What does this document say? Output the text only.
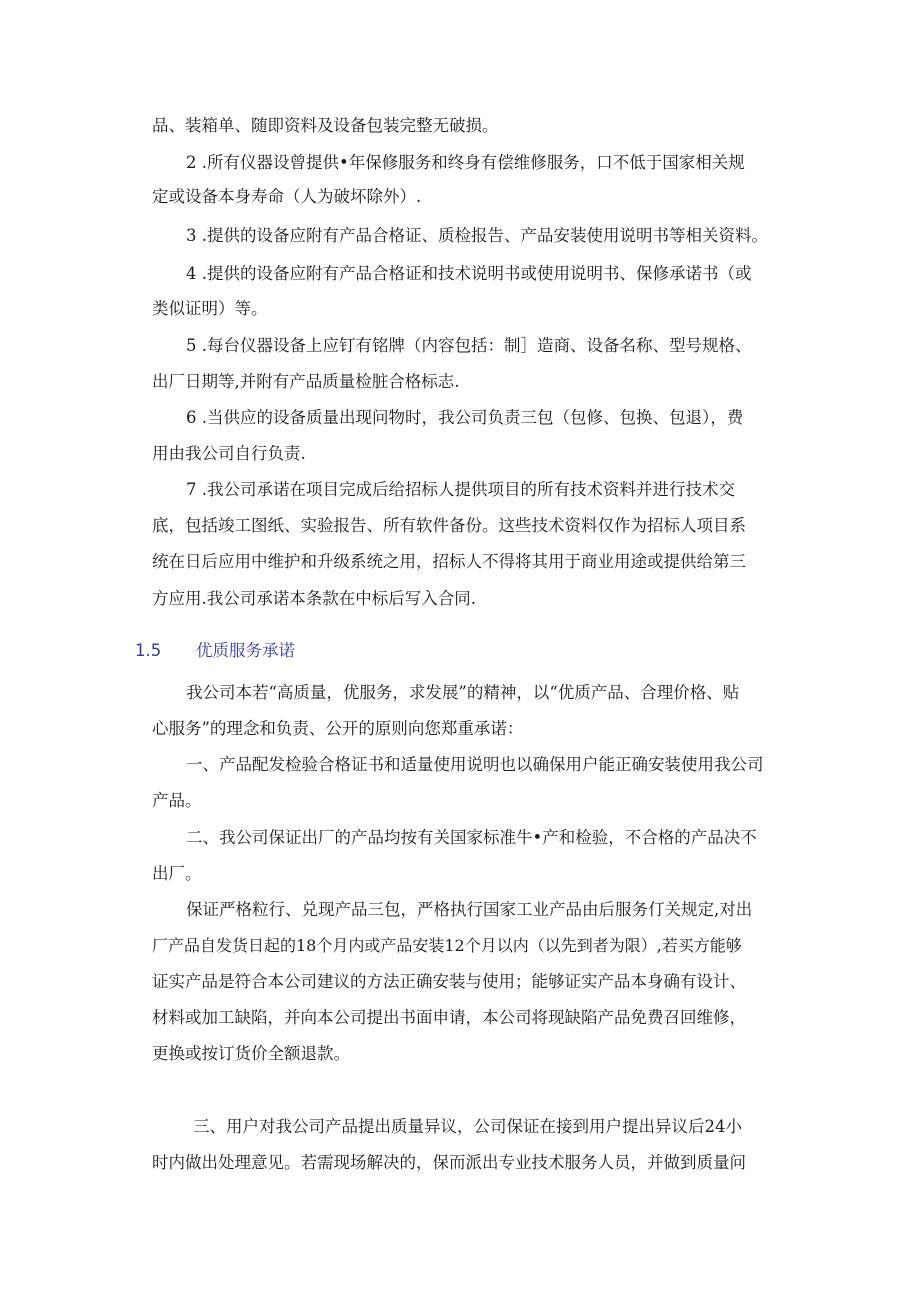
品、装箱单、随即资料及设备包装完整无破损。
2 .所有仪器设曾提供•年保修服务和终身有偿维修服务，口不低于国家相关规
定或设备本身寿命（人为破坏除外）.
3 .提供的设备应附有产品合格证、质检报告、产品安装使用说明书等相关资料。
4 .提供的设备应附有产品合格证和技术说明书或使用说明书、保修承诺书（或
类似证明）等。
5 .每台仪器设备上应钉有铭牌（内容包括：制］造商、设备名称、型号规格、
出厂日期等,并附有产品质量检脏合格标志.
6 .当供应的设备质量出现问物时，我公司负责三包（包修、包换、包退），费
用由我公司自行负责.
7 .我公司承诺在项目完成后给招标人提供项目的所有技术资料并进行技术交
底，包括竣工图纸、实验报告、所有软件备份。这些技术资料仅作为招标人项目系
统在日后应用中维护和升级系统之用，招标人不得将其用于商业用途或提供给第三
方应用.我公司承诺本条款在中标后写入合同.
1.5 优质服务承诺
我公司本若“高质量，优服务，求发展”的精神，以“优质产品、合理价格、贴
心服务”的理念和负责、公开的原则向您郑重承诺：
一、产品配发检验合格证书和适量使用说明也以确保用户能正确安装使用我公司
产品。
二、我公司保证出厂的产品均按有关国家标准牛•产和检验，不合格的产品决不
出厂。
保证严格粒行、兑现产品三包，严格执行国家工业产品由后服务仃关规定,对出
厂产品自发货日起的18个月内或产品安装12个月以内（以先到者为限）,若买方能够
证实产品是符合本公司建议的方法正确安装与使用；能够证实产品本身确有设计、
材料或加工缺陷，并向本公司提出书面申请，本公司将现缺陷产品免费召回维修，
更换或按订货价全额退款。
三、用户对我公司产品提出质量异议，公司保证在接到用户提出异议后24小
时内做出处理意见。若需现场解决的，保而派出专业技术服务人员，并做到质量问
